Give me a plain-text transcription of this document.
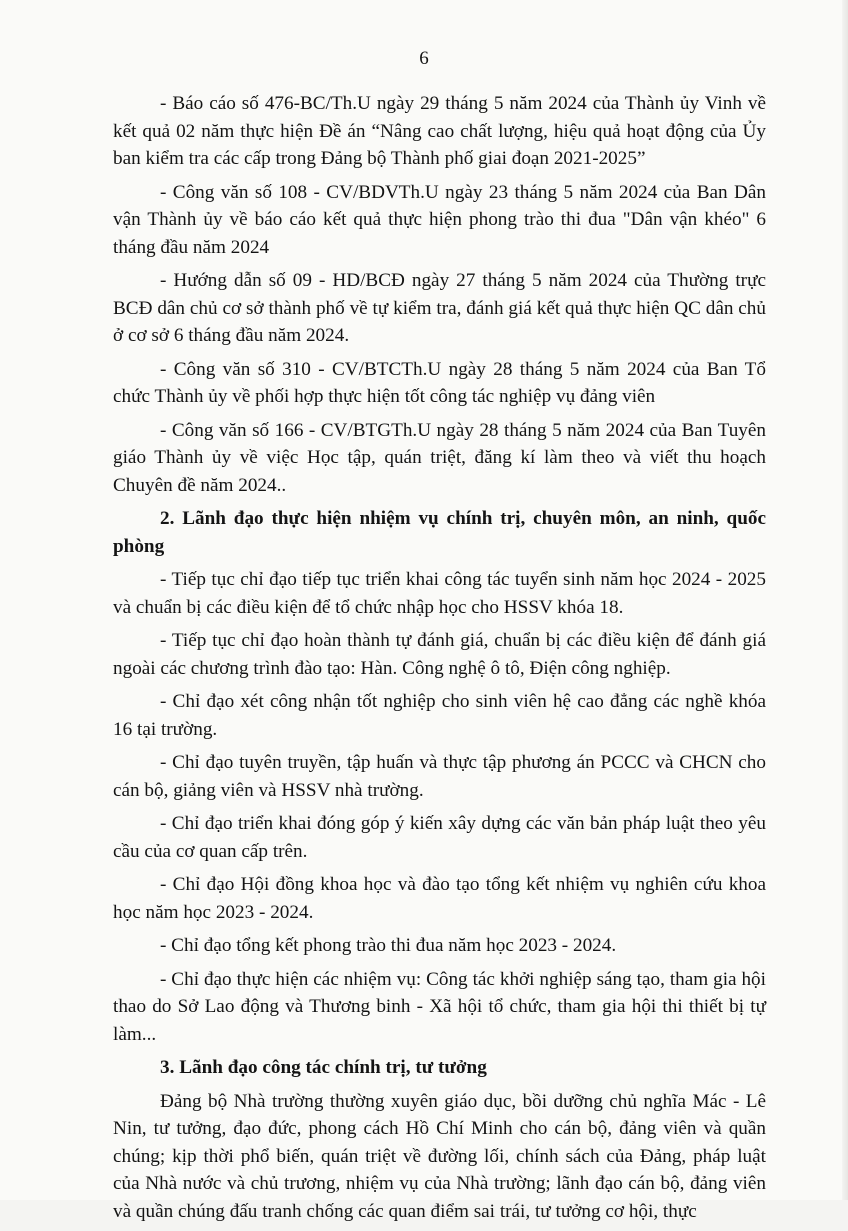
6

- Báo cáo số 476-BC/Th.U ngày 29 tháng 5 năm 2024 của Thành ủy Vinh về kết quả 02 năm thực hiện Đề án “Nâng cao chất lượng, hiệu quả hoạt động của Ủy ban kiểm tra các cấp trong Đảng bộ Thành phố giai đoạn 2021-2025”

- Công văn số 108 - CV/BDVTh.U ngày 23 tháng 5 năm 2024 của Ban Dân vận Thành ủy về báo cáo kết quả thực hiện phong trào thi đua "Dân vận khéo" 6 tháng đầu năm 2024

- Hướng dẫn số 09 - HD/BCĐ ngày 27 tháng 5 năm 2024 của Thường trực BCĐ dân chủ cơ sở thành phố về tự kiểm tra, đánh giá kết quả thực hiện QC dân chủ ở cơ sở 6 tháng đầu năm 2024.

- Công văn số 310 - CV/BTCTh.U ngày 28 tháng 5 năm 2024 của Ban Tổ chức Thành ủy về phối hợp thực hiện tốt công tác nghiệp vụ đảng viên

- Công văn số 166 - CV/BTGTh.U ngày 28 tháng 5 năm 2024 của Ban Tuyên giáo Thành ủy về việc Học tập, quán triệt, đăng kí làm theo và viết thu hoạch Chuyên đề năm 2024..

2. Lãnh đạo thực hiện nhiệm vụ chính trị, chuyên môn, an ninh, quốc phòng

- Tiếp tục chỉ đạo tiếp tục triển khai công tác tuyển sinh năm học 2024 - 2025 và chuẩn bị các điều kiện để tổ chức nhập học cho HSSV khóa 18.

- Tiếp tục chỉ đạo hoàn thành tự đánh giá, chuẩn bị các điều kiện để đánh giá ngoài các chương trình đào tạo: Hàn. Công nghệ ô tô, Điện công nghiệp.

- Chỉ đạo xét công nhận tốt nghiệp cho sinh viên hệ cao đẳng các nghề khóa 16 tại trường.

- Chỉ đạo tuyên truyền, tập huấn và thực tập phương án PCCC và CHCN cho cán bộ, giảng viên và HSSV nhà trường.

- Chỉ đạo triển khai đóng góp ý kiến xây dựng các văn bản pháp luật theo yêu cầu của cơ quan cấp trên.

- Chỉ đạo Hội đồng khoa học và đào tạo tổng kết nhiệm vụ nghiên cứu khoa học năm học 2023 - 2024.

- Chỉ đạo tổng kết phong trào thi đua năm học 2023 - 2024.

- Chỉ đạo thực hiện các nhiệm vụ: Công tác khởi nghiệp sáng tạo, tham gia hội thao do Sở Lao động và Thương binh - Xã hội tổ chức, tham gia hội thi thiết bị tự làm...

3. Lãnh đạo công tác chính trị, tư tưởng

Đảng bộ Nhà trường thường xuyên giáo dục, bồi dưỡng chủ nghĩa Mác - Lê Nin, tư tưởng, đạo đức, phong cách Hồ Chí Minh cho cán bộ, đảng viên và quần chúng; kịp thời phổ biến, quán triệt về đường lối, chính sách của Đảng, pháp luật của Nhà nước và chủ trương, nhiệm vụ của Nhà trường; lãnh đạo cán bộ, đảng viên và quần chúng đấu tranh chống các quan điểm sai trái, tư tưởng cơ hội, thực
